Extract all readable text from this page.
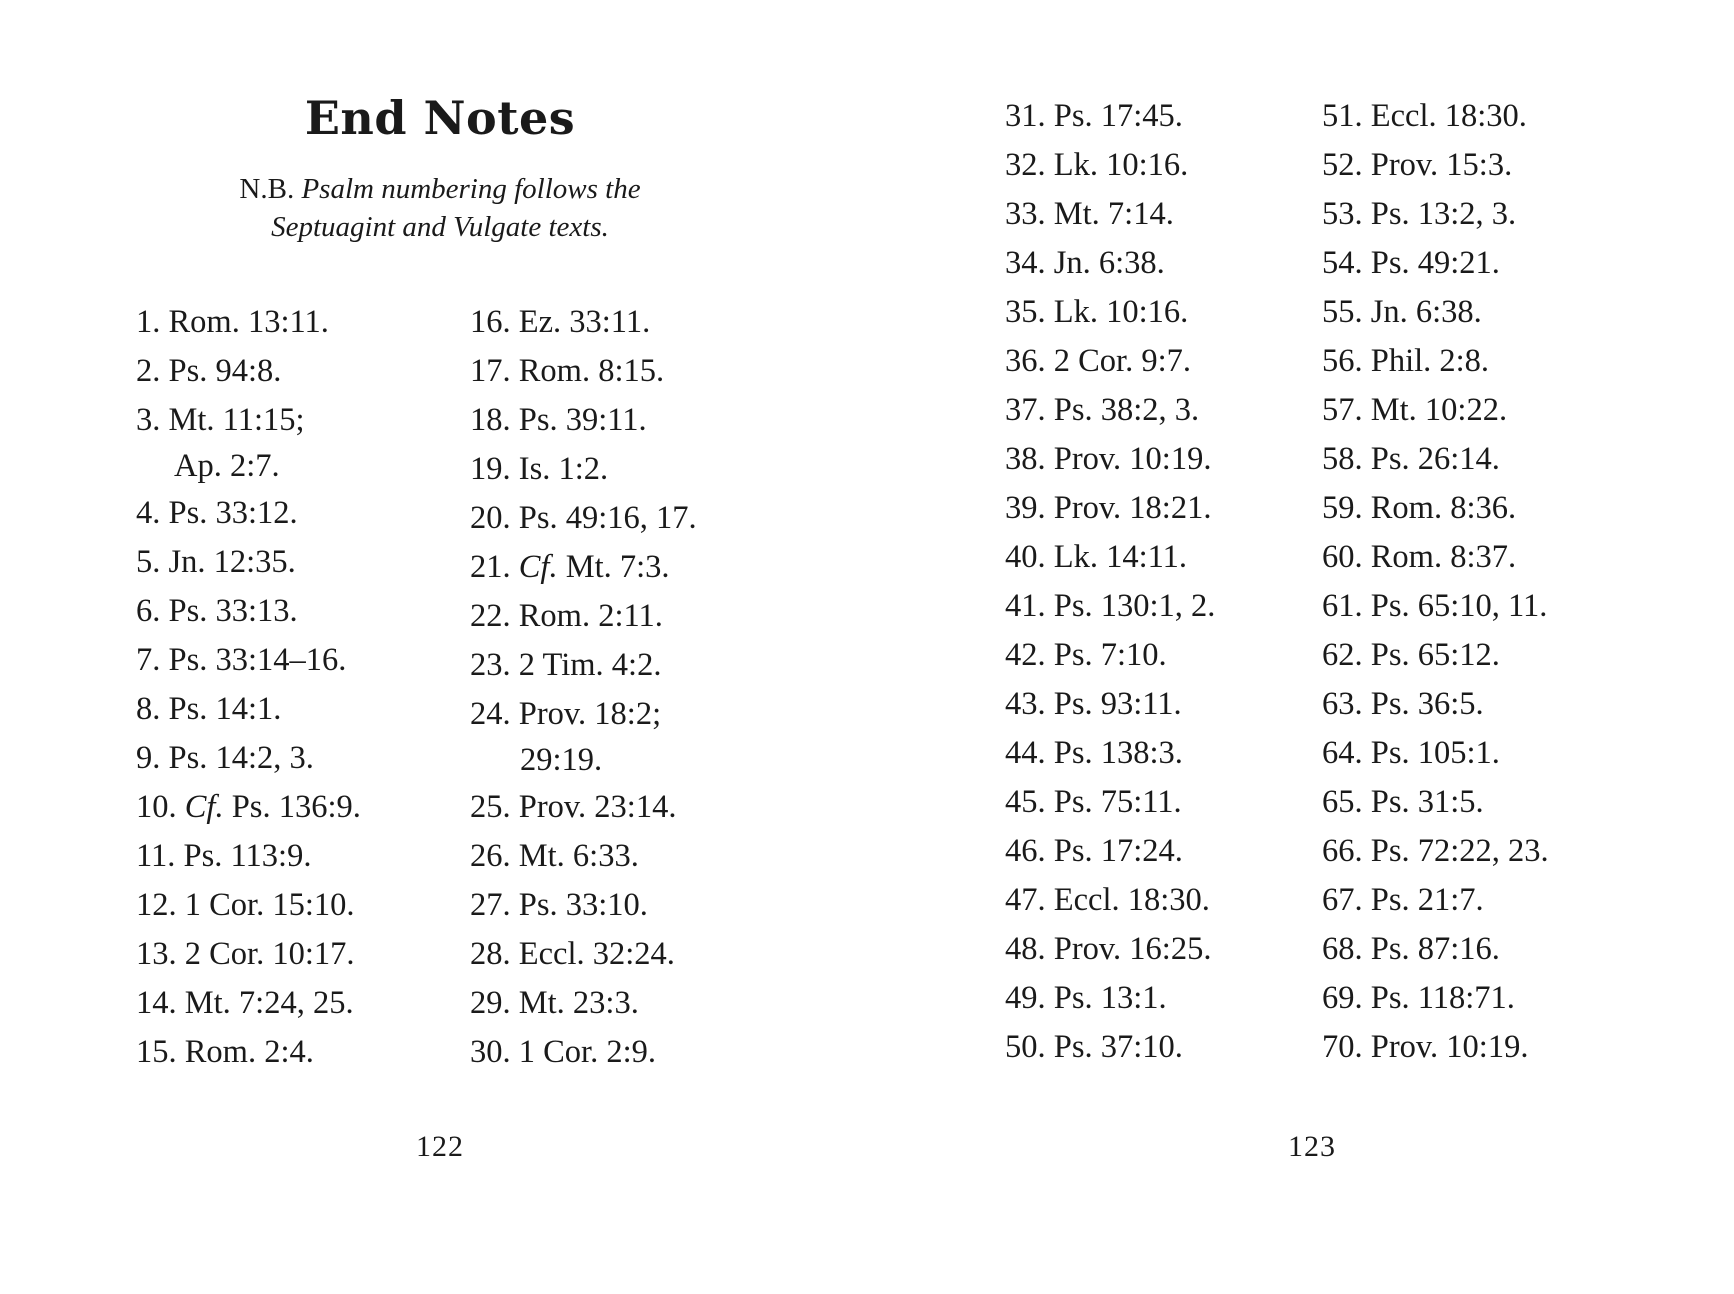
End Notes
N.B. Psalm numbering follows the
Septuagint and Vulgate texts.
1. Rom. 13:11.
2. Ps. 94:8.
3. Mt. 11:15;
Ap. 2:7.
4. Ps. 33:12.
5. Jn. 12:35.
6. Ps. 33:13.
7. Ps. 33:14–16.
8. Ps. 14:1.
9. Ps. 14:2, 3.
10. Cf. Ps. 136:9.
11. Ps. 113:9.
12. 1 Cor. 15:10.
13. 2 Cor. 10:17.
14. Mt. 7:24, 25.
15. Rom. 2:4.
16. Ez. 33:11.
17. Rom. 8:15.
18. Ps. 39:11.
19. Is. 1:2.
20. Ps. 49:16, 17.
21. Cf. Mt. 7:3.
22. Rom. 2:11.
23. 2 Tim. 4:2.
24. Prov. 18:2;
29:19.
25. Prov. 23:14.
26. Mt. 6:33.
27. Ps. 33:10.
28. Eccl. 32:24.
29. Mt. 23:3.
30. 1 Cor. 2:9.
31. Ps. 17:45.
32. Lk. 10:16.
33. Mt. 7:14.
34. Jn. 6:38.
35. Lk. 10:16.
36. 2 Cor. 9:7.
37. Ps. 38:2, 3.
38. Prov. 10:19.
39. Prov. 18:21.
40. Lk. 14:11.
41. Ps. 130:1, 2.
42. Ps. 7:10.
43. Ps. 93:11.
44. Ps. 138:3.
45. Ps. 75:11.
46. Ps. 17:24.
47. Eccl. 18:30.
48. Prov. 16:25.
49. Ps. 13:1.
50. Ps. 37:10.
51. Eccl. 18:30.
52. Prov. 15:3.
53. Ps. 13:2, 3.
54. Ps. 49:21.
55. Jn. 6:38.
56. Phil. 2:8.
57. Mt. 10:22.
58. Ps. 26:14.
59. Rom. 8:36.
60. Rom. 8:37.
61. Ps. 65:10, 11.
62. Ps. 65:12.
63. Ps. 36:5.
64. Ps. 105:1.
65. Ps. 31:5.
66. Ps. 72:22, 23.
67. Ps. 21:7.
68. Ps. 87:16.
69. Ps. 118:71.
70. Prov. 10:19.
122	123
